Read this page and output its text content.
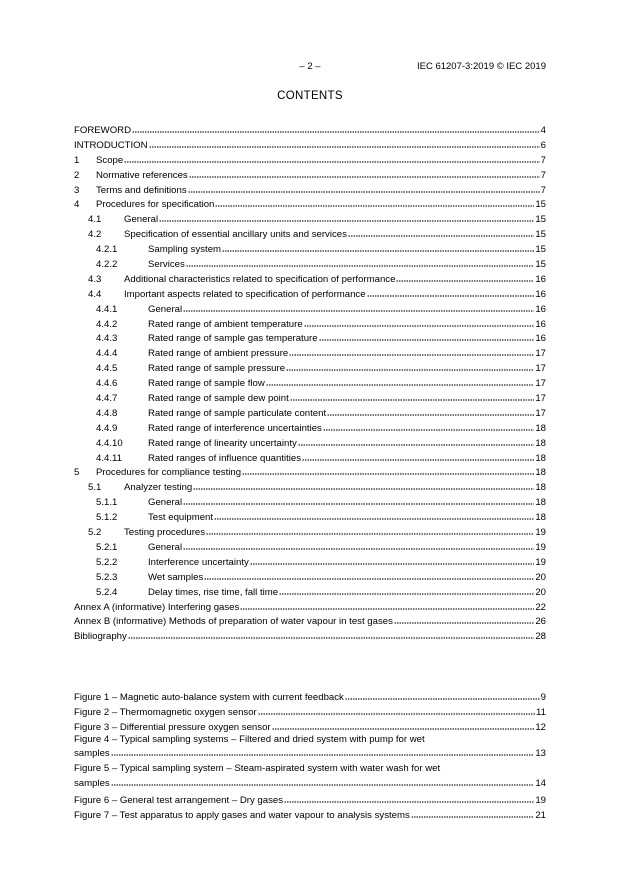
– 2 –	IEC 61207-3:2019 © IEC 2019
CONTENTS
FOREWORD	4
INTRODUCTION	6
1	Scope	7
2	Normative references	7
3	Terms and definitions	7
4	Procedures for specification	15
4.1	General	15
4.2	Specification of essential ancillary units and services	15
4.2.1	Sampling system	15
4.2.2	Services	15
4.3	Additional characteristics related to specification of performance	16
4.4	Important aspects related to specification of performance	16
4.4.1	General	16
4.4.2	Rated range of ambient temperature	16
4.4.3	Rated range of sample gas temperature	16
4.4.4	Rated range of ambient pressure	17
4.4.5	Rated range of sample pressure	17
4.4.6	Rated range of sample flow	17
4.4.7	Rated range of sample dew point	17
4.4.8	Rated range of sample particulate content	17
4.4.9	Rated range of interference uncertainties	18
4.4.10	Rated range of linearity uncertainty	18
4.4.11	Rated ranges of influence quantities	18
5	Procedures for compliance testing	18
5.1	Analyzer testing	18
5.1.1	General	18
5.1.2	Test equipment	18
5.2	Testing procedures	19
5.2.1	General	19
5.2.2	Interference uncertainty	19
5.2.3	Wet samples	20
5.2.4	Delay times, rise time, fall time	20
Annex A (informative) Interfering gases	22
Annex B (informative) Methods of preparation of water vapour in test gases	26
Bibliography	28
Figure 1 – Magnetic auto-balance system with current feedback	9
Figure 2 – Thermomagnetic oxygen sensor	11
Figure 3 – Differential pressure oxygen sensor	12
Figure 4 – Typical sampling systems – Filtered and dried system with pump for wet
samples	13
Figure 5 – Typical sampling system – Steam-aspirated system with water wash for wet
samples	14
Figure 6 – General test arrangement – Dry gases	19
Figure 7 – Test apparatus to apply gases and water vapour to analysis systems	21
